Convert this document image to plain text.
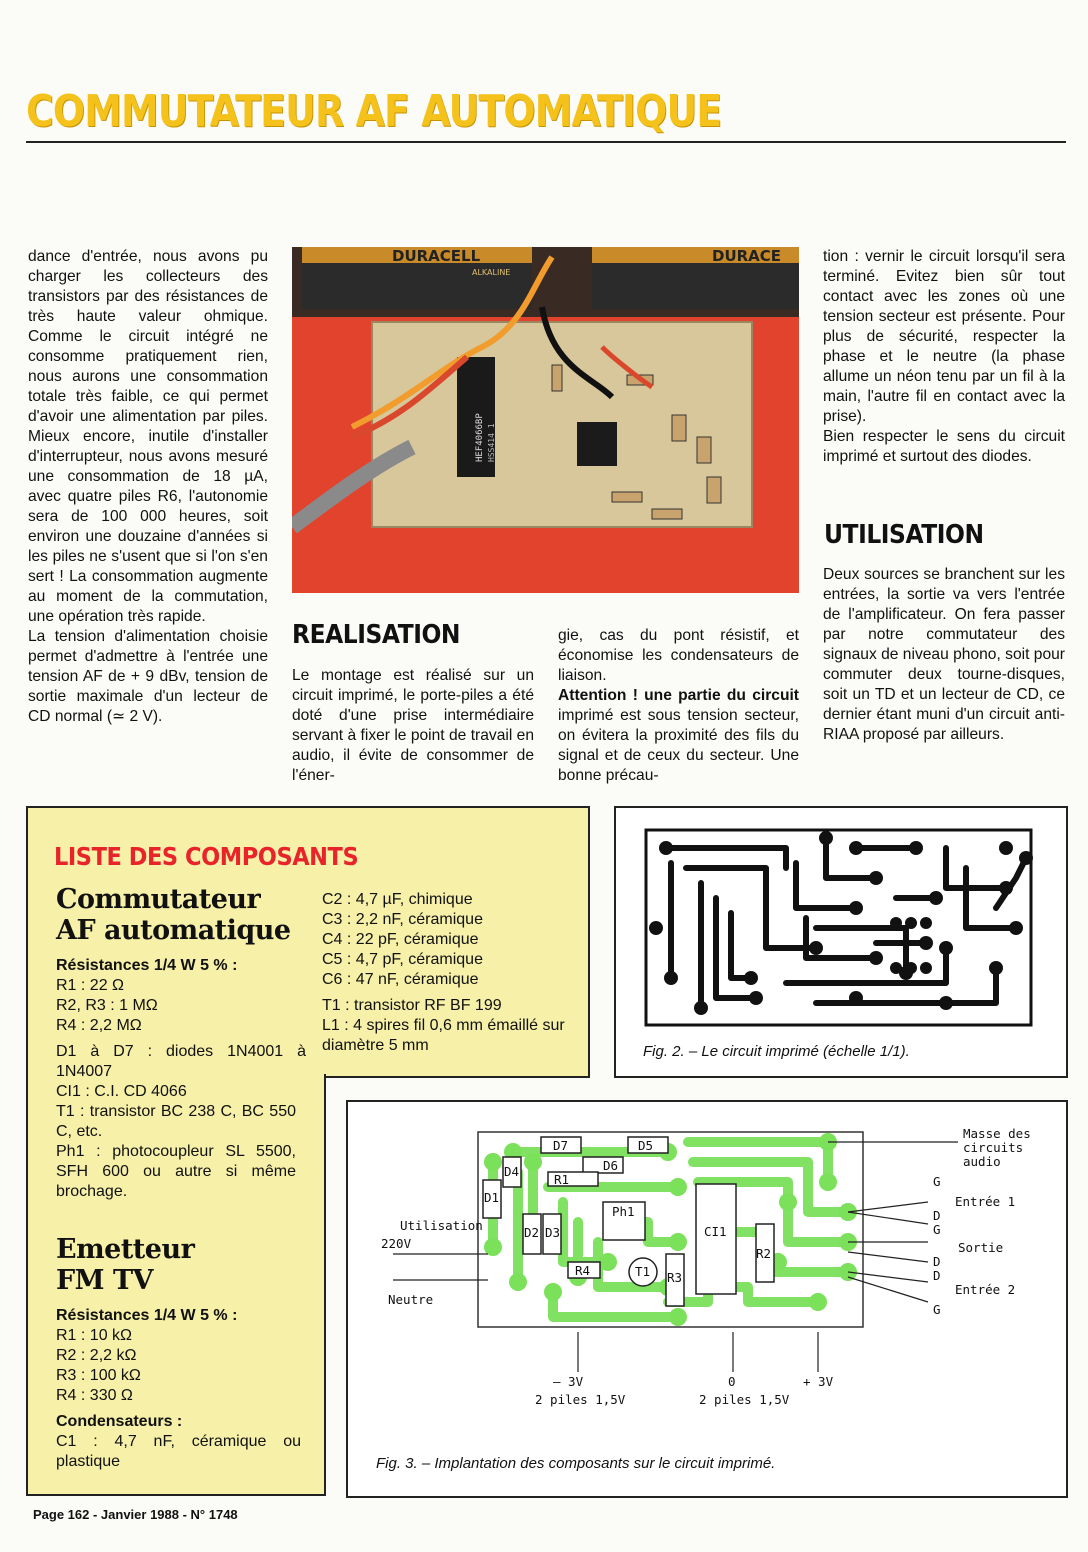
COMMUTATEUR AF AUTOMATIQUE

dance d'entrée, nous avons pu charger les collecteurs des transistors par des résistances de très haute valeur ohmique. Comme le circuit intégré ne consomme pratiquement rien, nous aurons une consommation totale très faible, ce qui permet d'avoir une alimentation par piles. Mieux encore, inutile d'installer d'interrupteur, nous avons mesuré une consommation de 18 µA, avec quatre piles R6, l'autonomie sera de 100 000 heures, soit environ une douzaine d'années si les piles ne s'usent que si l'on s'en sert ! La consommation augmente au moment de la commutation, une opération très rapide.

La tension d'alimentation choisie permet d'admettre à l'entrée une tension AF de + 9 dBv, tension de sortie maximale d'un lecteur de CD normal (≃ 2 V).

DURACELL
ALKALINE
DURACE
HEF4066BP HSS414 1
REALISATION

Le montage est réalisé sur un circuit imprimé, le porte-piles a été doté d'une prise intermédiaire servant à fixer le point de travail en audio, il évite de consommer de l'éner-

gie, cas du pont résistif, et économise les condensateurs de liaison.

Attention ! une partie du circuit imprimé est sous tension secteur, on évitera la proximité des fils du signal et de ceux du secteur. Une bonne précau-

tion : vernir le circuit lorsqu'il sera terminé. Evitez bien sûr tout contact avec les zones où une tension secteur est présente. Pour plus de sécurité, respecter la phase et le neutre (la phase allume un néon tenu par un fil à la main, l'autre fil en contact avec la prise).

Bien respecter le sens du circuit imprimé et surtout des diodes.

UTILISATION

Deux sources se branchent sur les entrées, la sortie va vers l'entrée de l'amplificateur. On fera passer par notre commutateur des signaux de niveau phono, soit pour commuter deux tourne-disques, soit un TD et un lecteur de CD, ce dernier étant muni d'un circuit anti-RIAA proposé par ailleurs.

LISTE DES COMPOSANTS
Commutateur
AF automatique

Résistances 1/4 W 5 % :

R1 : 22 Ω

R2, R3 : 1 MΩ

R4 : 2,2 MΩ

D1 à D7 : diodes 1N4001 à 1N4007

CI1 : C.I. CD 4066

T1 : transistor BC 238 C, BC 550 C, etc.

Ph1 : photocoupleur SL 5500, SFH 600 ou autre si même brochage.

Emetteur
FM TV

Résistances 1/4 W 5 % :

R1 : 10 kΩ

R2 : 2,2 kΩ

R3 : 100 kΩ

R4 : 330 Ω

Condensateurs :

C1 : 4,7 nF, céramique ou plastique

C2 : 4,7 µF, chimique

C3 : 2,2 nF, céramique

C4 : 22 pF, céramique

C5 : 4,7 pF, céramique

C6 : 47 nF, céramique

T1 : transistor RF BF 199

L1 : 4 spires fil 0,6 mm émaillé sur diamètre 5 mm	Fig. 2. – Le circuit imprimé (échelle 1/1).
D1
D4
D7	D5
D6
R1
D2 D3
Ph1
CI1
R2
R3
R4	T1
Masse des
circuits
audio
G
Entrée 1
D
G
Sortie
D
D
Entrée 2
G
Utilisation
220V
Neutre
– 3V
2 piles 1,5V
0
2 piles 1,5V
+ 3V
Fig. 3. – Implantation des composants sur le circuit imprimé.
Page 162 - Janvier 1988 - N° 1748
